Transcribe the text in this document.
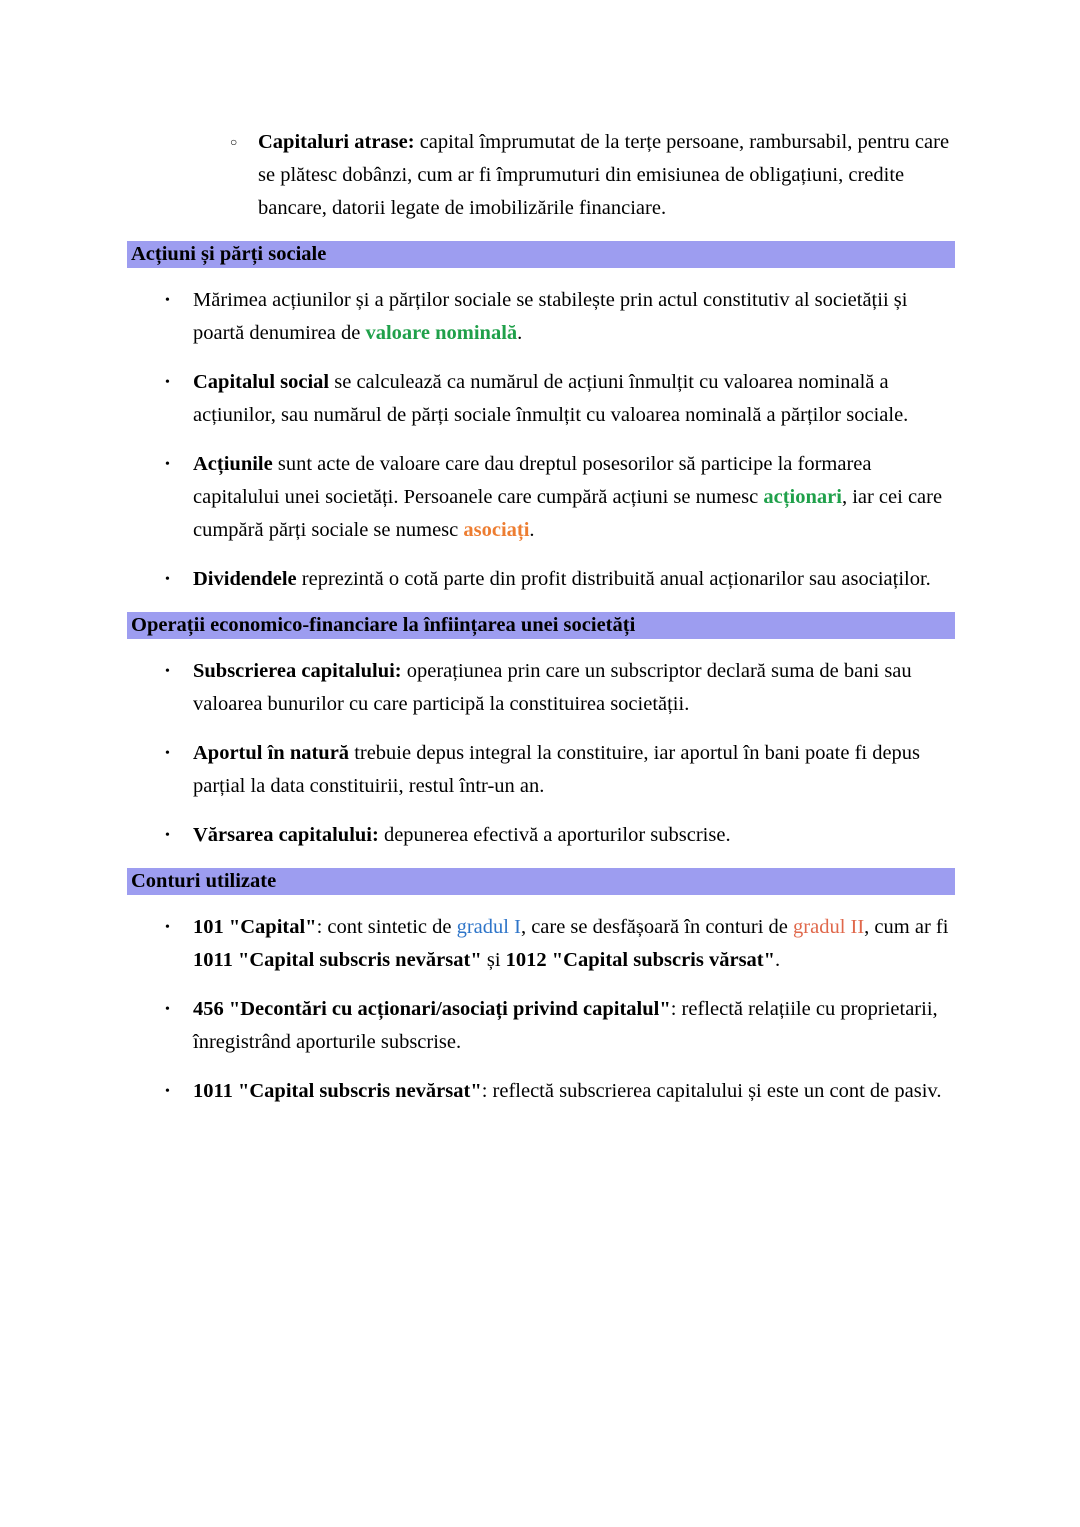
○	Capitaluri atrase: capital împrumutat de la terțe persoane, rambursabil, pentru care se plătesc dobânzi, cum ar fi împrumuturi din emisiunea de obligațiuni, credite bancare, datorii legate de imobilizările financiare.
Acțiuni și părți sociale
•	Mărimea acțiunilor și a părților sociale se stabilește prin actul constitutiv al societății și poartă denumirea de valoare nominală.
•	Capitalul social se calculează ca numărul de acțiuni înmulțit cu valoarea nominală a acțiunilor, sau numărul de părți sociale înmulțit cu valoarea nominală a părților sociale.
•	Acțiunile sunt acte de valoare care dau dreptul posesorilor să participe la formarea capitalului unei societăți. Persoanele care cumpără acțiuni se numesc acționari, iar cei care cumpără părți sociale se numesc asociați.
•	Dividendele reprezintă o cotă parte din profit distribuită anual acționarilor sau asociaților.
Operații economico-financiare la înființarea unei societăți
•	Subscrierea capitalului: operațiunea prin care un subscriptor declară suma de bani sau valoarea bunurilor cu care participă la constituirea societății.
•	Aportul în natură trebuie depus integral la constituire, iar aportul în bani poate fi depus parțial la data constituirii, restul într-un an.
•	Vărsarea capitalului: depunerea efectivă a aporturilor subscrise.
Conturi utilizate
•	101 "Capital": cont sintetic de gradul I, care se desfășoară în conturi de gradul II, cum ar fi 1011 "Capital subscris nevărsat" și 1012 "Capital subscris vărsat".
•	456 "Decontări cu acționari/asociați privind capitalul": reflectă relațiile cu proprietarii, înregistrând aporturile subscrise.
•	1011 "Capital subscris nevărsat": reflectă subscrierea capitalului și este un cont de pasiv.
